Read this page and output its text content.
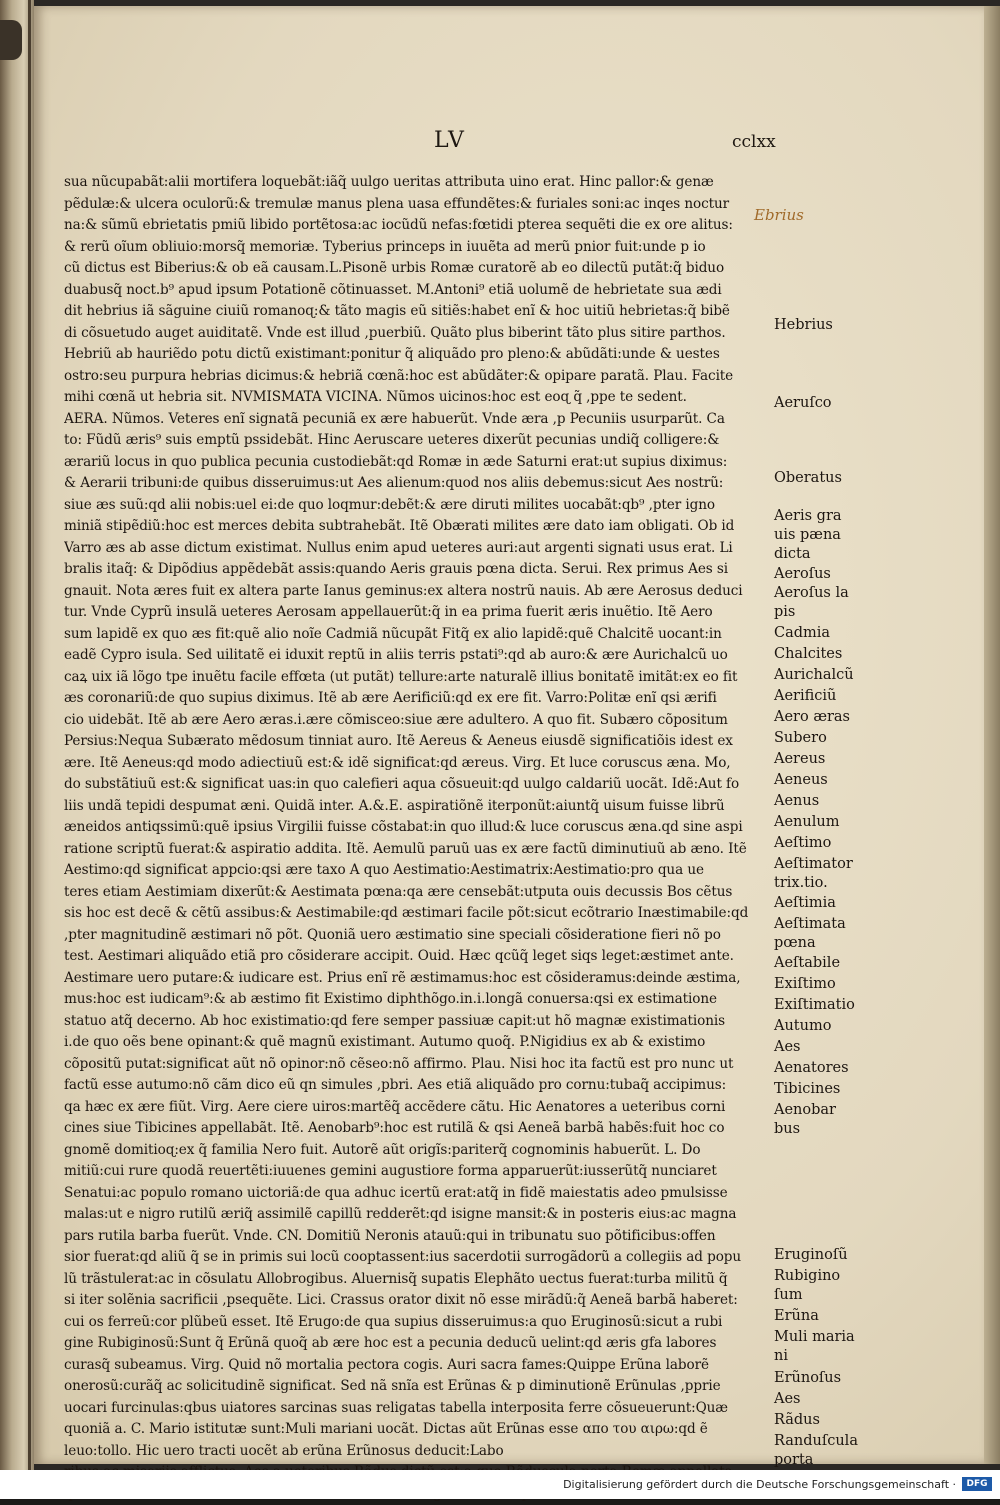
LV	cclxx
Ebrius
sua nũcupabãt:alii mortifera loquebãt:iãq̃ uulgo ueritas attributa uino erat. Hinc pallor:& genæ
pẽdulæ:& ulcera oculorũ:& tremulæ manus plena uasa effundẽtes:& furiales soni:ac inqes noctur
na:& sũmũ ebrietatis pmiũ libido portẽtosa:ac iocũdũ nefas:fœtidi pterea sequẽti die ex ore alitus:
& rerũ oĩum obliuio:morsq̃ memoriæ. Tyberius princeps in iuuẽta ad merũ pnior fuit:unde p io
cũ dictus est Biberius:& ob eã causam.L.Pisonẽ urbis Romæ curatorẽ ab eo dilectũ putãt:q̃ biduo
duabusq̃ noct.b⁹ apud ipsum Potationẽ cõtinuasset. M.Antoni⁹ etiã uolumẽ de hebrietate sua ædi
dit hebrius iã sãguine ciuiũ romanoɋ:& tãto magis eũ sitiẽs:habet enĩ & hoc uitiũ hebrietas:q̃ bibẽ
di cõsuetudo auget auiditatẽ. Vnde est illud ,puerbiũ. Quãto plus biberint tãto plus sitire parthos.
Hebriũ ab hauriẽdo potu dictũ existimant:ponitur q̃ aliquãdo pro pleno:& abũdãti:unde & uestes
ostro:seu purpura hebrias dicimus:& hebriã cœnã:hoc est abũdãter:& opipare paratã. Plau. Facite
mihi cœnã ut hebria sit. NVMISMATA VICINA. Nũmos uicinos:hoc est eoɋ q̃ ,ppe te sedent.
AERA. Nũmos. Veteres enĩ signatã pecuniã ex ære habuerũt. Vnde æra ,p Pecuniis usurparũt. Ca
to: Fũdũ æris⁹ suis emptũ pssidebãt. Hinc Aeruscare ueteres dixerũt pecunias undiq̃ colligere:&
ærariũ locus in quo publica pecunia custodiebãt:qd Romæ in æde Saturni erat:ut supius diximus:
& Aerarii tribuni:de quibus disseruimus:ut Aes alienum:quod nos aliis debemus:sicut Aes nostrũ:
siue æs suũ:qd alii nobis:uel ei:de quo loqmur:debẽt:& ære diruti milites uocabãt:qb⁹ ,pter igno
miniã stipẽdiũ:hoc est merces debita subtrahebãt. Itẽ Obærati milites ære dato iam obligati. Ob id
Varro æs ab asse dictum existimat. Nullus enim apud ueteres auri:aut argenti signati usus erat. Li
bralis itaq̃: & Dipõdius appẽdebãt assis:quando Aeris grauis pœna dicta. Serui. Rex primus Aes si
gnauit. Nota æres fuit ex altera parte Ianus geminus:ex altera nostrũ nauis. Ab ære Aerosus deduci
tur. Vnde Cyprũ insulã ueteres Aerosam appellauerũt:q̃ in ea prima fuerit æris inuẽtio. Itẽ Aero
sum lapidẽ ex quo æs fit:quẽ alio noĩe Cadmiã nũcupãt Fitq̃ ex alio lapidẽ:quẽ Chalcitẽ uocant:in
eadẽ Cypro isula. Sed uilitatẽ ei iduxit reptũ in aliis terris pstati⁹:qd ab auro:& ære Aurichalcũ uo
caꝝ uix iã lõgo tpe inuẽtu facile effœta (ut putãt) tellure:arte naturalẽ illius bonitatẽ imitãt:ex eo fit
æs coronariũ:de quo supius diximus. Itẽ ab ære Aerificiũ:qd ex ere fit. Varro:Politæ enĩ qsi ærifi
cio uidebãt. Itẽ ab ære Aero æras.i.ære cõmisceo:siue ære adultero. A quo fit. Subæro cõpositum
Persius:Nequa Subærato mẽdosum tinniat auro. Itẽ Aereus & Aeneus eiusdẽ significatiõis idest ex
ære. Itẽ Aeneus:qd modo adiectiuũ est:& idẽ significat:qd æreus. Virg. Et luce coruscus æna. Mo,
do substãtiuũ est:& significat uas:in quo calefieri aqua cõsueuit:qd uulgo caldariũ uocãt. Idẽ:Aut fo
liis undã tepidi despumat æni. Quidã inter. A.&.E. aspiratiõnẽ iterponũt:aiuntq̃ uisum fuisse librũ
æneidos antiqssimũ:quẽ ipsius Virgilii fuisse cõstabat:in quo illud:& luce coruscus æna.qd sine aspi
ratione scriptũ fuerat:& aspiratio addita. Itẽ. Aemulũ paruũ uas ex ære factũ diminutiuũ ab æno. Itẽ
Aestimo:qd significat appcio:qsi ære taxo A quo Aestimatio:Aestimatrix:Aestimatio:pro qua ue
teres etiam Aestimiam dixerũt:& Aestimata pœna:qa ære censebãt:utputa ouis decussis Bos cẽtus
sis hoc est decẽ & cẽtũ assibus:& Aestimabile:qd æstimari facile põt:sicut ecõtrario Inæstimabile:qd
,pter magnitudinẽ æstimari nõ põt. Quoniã uero æstimatio sine speciali cõsideratione fieri nõ po
test. Aestimari aliquãdo etiã pro cõsiderare accipit. Ouid. Hæc qcũq̃ leget siqs leget:æstimet ante.
Aestimare uero putare:& iudicare est. Prius enĩ rẽ æstimamus:hoc est cõsideramus:deinde æstima,
mus:hoc est iudicam⁹:& ab æstimo fit Existimo diphthõgo.in.i.longã conuersa:qsi ex estimatione
statuo atq̃ decerno. Ab hoc existimatio:qd fere semper passiuæ capit:ut hõ magnæ existimationis
i.de quo oẽs bene opinant:& quẽ magnũ existimant. Autumo quoq̃. P.Nigidius ex ab & existimo
cõpositũ putat:significat aũt nõ opinor:nõ cẽseo:nõ affirmo. Plau. Nisi hoc ita factũ est pro nunc ut
factũ esse autumo:nõ cãm dico eũ qn simules ,pbri. Aes etiã aliquãdo pro cornu:tubaq̃ accipimus:
qa hæc ex ære fiũt. Virg. Aere ciere uiros:martẽq̃ accẽdere cãtu. Hic Aenatores a ueteribus corni
cines siue Tibicines appellabãt. Itẽ. Aenobarb⁹:hoc est rutilã & qsi Aeneã barbã habẽs:fuit hoc co
gnomẽ domitioɋ:ex q̃ familia Nero fuit. Autorẽ aũt origĩs:pariterq̃ cognominis habuerũt. L. Do
mitiũ:cui rure quodã reuertẽti:iuuenes gemini augustiore forma apparuerũt:iusserũtq̃ nunciaret
Senatui:ac populo romano uictoriã:de qua adhuc icertũ erat:atq̃ in fidẽ maiestatis adeo pmulsisse
malas:ut e nigro rutilũ æriq̃ assimilẽ capillũ redderẽt:qd isigne mansit:& in posteris eius:ac magna
pars rutila barba fuerũt. Vnde. CN. Domitiũ Neronis atauũ:qui in tribunatu suo põtificibus:offen
sior fuerat:qd aliũ q̃ se in primis sui locũ cooptassent:ius sacerdotii surrogãdorũ a collegiis ad popu
lũ trãstulerat:ac in cõsulatu Allobrogibus. Aluernisq̃ supatis Elephãto uectus fuerat:turba militũ q̃
si iter solẽnia sacrificii ,psequẽte. Lici. Crassus orator dixit nõ esse mirãdũ:q̃ Aeneã barbã haberet:
cui os ferreũ:cor plũbeũ esset. Itẽ Erugo:de qua supius disseruimus:a quo Eruginosũ:sicut a rubi
gine Rubiginosũ:Sunt q̃ Erũnã quoq̃ ab ære hoc est a pecunia deducũ uelint:qd æris gfa labores
curasq̃ subeamus. Virg. Quid nõ mortalia pectora cogis. Auri sacra fames:Quippe Erũna laborẽ
onerosũ:curãq̃ ac solicitudinẽ significat. Sed nã snĩa est Erũnas & p diminutionẽ Erũnulas ,pprie
uocari furcinulas:qbus uiatores sarcinas suas religatas tabella interposita ferre cõsueuerunt:Quæ
quoniã a. C. Mario istitutæ sunt:Muli mariani uocãt. Dictas aũt Erũnas esse απο του αιρω:qd ẽ
leuo:tollo. Hic uero tracti uocẽt ab erũna Erũnosus deducit:Labo
Hebrius
Aeruſco
Oberatus
Aeris gra
uis pæna
dicta
Aeroſus
Aeroſus la
pis
Cadmia
Chalcites
Aurichalcũ
Aerificiũ
Aero æras
Subero
Aereus
Aeneus
Aenus
Aenulum
Aeſtimo
Aeſtimator
trix.tio.
Aeſtimia
Aeſtimata
pœna
Aeſtabile
Exiſtimo
Exiſtimatio
Autumo
Aes
Aenatores
Tibicines
Aenobar
bus
Eruginoſũ
Rubigino
ſum
Erũna
Muli maria
ni
Erũnoſus
Aes
Rãdus
Randuſcula
porta
Digitalisierung gefördert durch die Deutsche Forschungsgemeinschaft ·	DFG
